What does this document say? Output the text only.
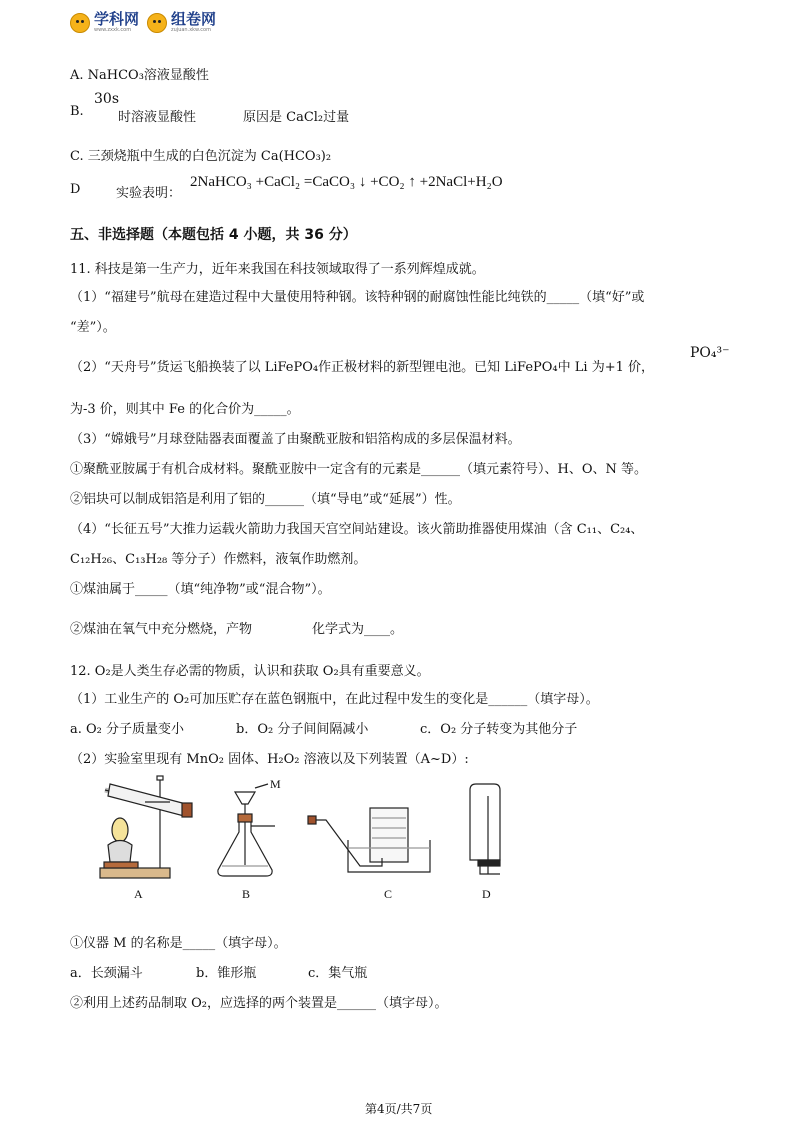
学科网
www.zxxk.com
组卷网
zujuan.xkw.com
A. NaHCO₃溶液显酸性
B.
30s
时溶液显酸性	原因是 CaCl₂过量
C. 三颈烧瓶中生成的白色沉淀为 Ca(HCO₃)₂
D	实验表明：
2NaHCO₃ +CaCl₂ =CaCO₃ ↓ +CO₂ ↑ +2NaCl+H₂O
五、非选择题（本题包括 4 小题，共 36 分）
11. 科技是第一生产力，近年来我国在科技领域取得了一系列辉煌成就。
（1）“福建号”航母在建造过程中大量使用特种钢。该特种钢的耐腐蚀性能比纯铁的_____（填“好”或
“差”）。
（2）“天舟号”货运飞船换装了以 LiFePO₄作正极材料的新型锂电池。已知 LiFePO₄中 Li 为+1 价，
PO₄³⁻
为-3 价，则其中 Fe 的化合价为_____。
（3）“嫦娥号”月球登陆器表面覆盖了由聚酰亚胺和铝箔构成的多层保温材料。
①聚酰亚胺属于有机合成材料。聚酰亚胺中一定含有的元素是______（填元素符号）、H、O、N 等。
②铝块可以制成铝箔是利用了铝的______（填“导电”或“延展”）性。
（4）“长征五号”大推力运载火箭助力我国天宫空间站建设。该火箭助推器使用煤油（含 C₁₁、C₂₄、
C₁₂H₂₆、C₁₃H₂₈ 等分子）作燃料，液氧作助燃剂。
①煤油属于_____（填“纯净物”或“混合物”）。
②煤油在氧气中充分燃烧，产物	化学式为____。
12. O₂是人类生存必需的物质，认识和获取 O₂具有重要意义。
（1）工业生产的 O₂可加压贮存在蓝色钢瓶中，在此过程中发生的变化是______（填字母）。
a. O₂ 分子质量变小	b．O₂ 分子间间隔减小	c．O₂ 分子转变为其他分子
（2）实验室里现有 MnO₂ 固体、H₂O₂ 溶液以及下列装置（A~D）:
A	B	C	D
M
①仪器 M 的名称是_____（填字母）。
a．长颈漏斗	b．锥形瓶	c．集气瓶
②利用上述药品制取 O₂，应选择的两个装置是______（填字母）。
第4页/共7页
